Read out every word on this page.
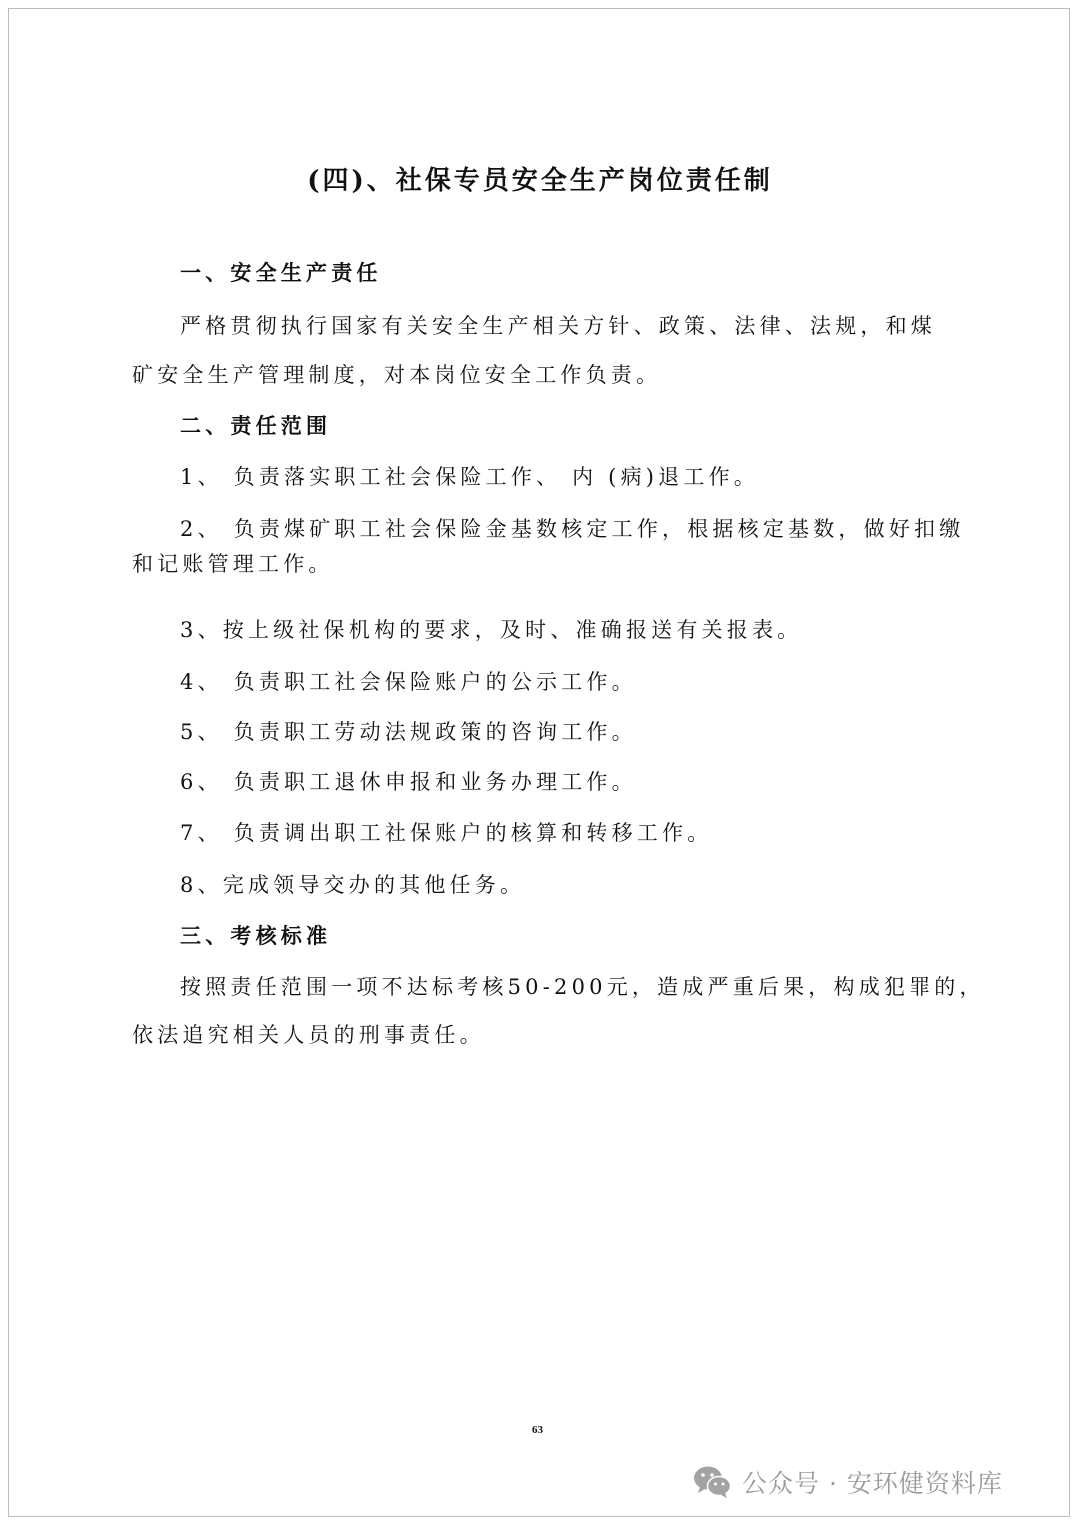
(四)、社保专员安全生产岗位责任制

一、安全生产责任

严格贯彻执行国家有关安全生产相关方针、政策、法律、法规，和煤

矿安全生产管理制度，对本岗位安全工作负责。

二、责任范围

1、 负责落实职工社会保险工作、 内 (病)退工作。

2、 负责煤矿职工社会保险金基数核定工作，根据核定基数，做好扣缴

和记账管理工作。

3、按上级社保机构的要求，及时、准确报送有关报表。

4、 负责职工社会保险账户的公示工作。

5、 负责职工劳动法规政策的咨询工作。

6、 负责职工退休申报和业务办理工作。

7、 负责调出职工社保账户的核算和转移工作。

8、完成领导交办的其他任务。

三、考核标准

按照责任范围一项不达标考核50-200元，造成严重后果，构成犯罪的，

依法追究相关人员的刑事责任。

63
公众号 · 安环健资料库
